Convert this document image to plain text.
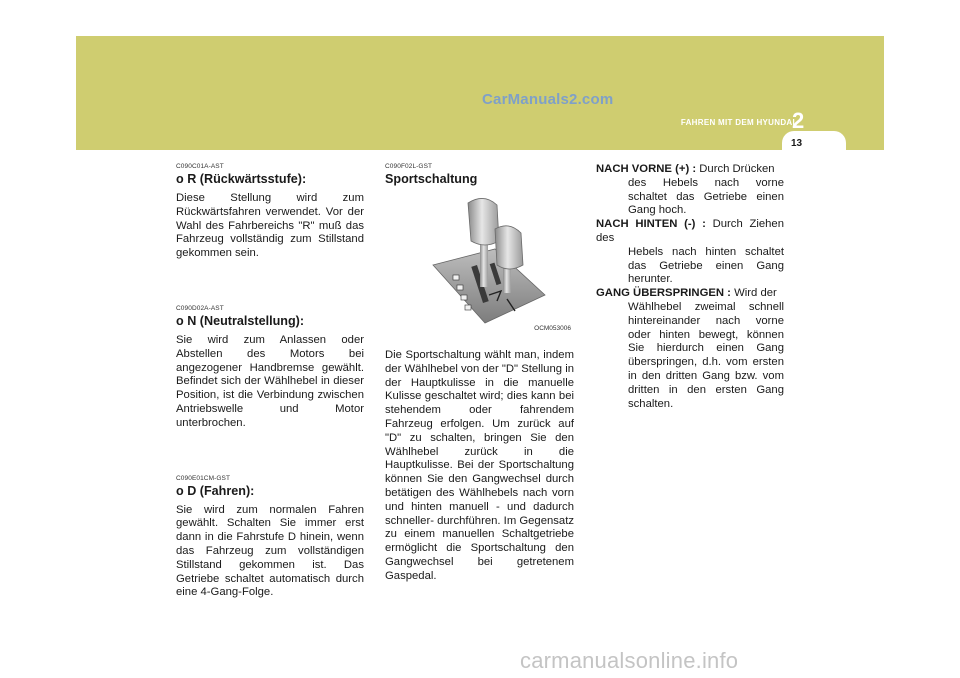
CarManuals2.com
FAHREN MIT DEM HYUNDAI
2
13
C090C01A-AST
o R (Rückwärtsstufe):
Diese Stellung wird zum Rückwärtsfahren verwendet. Vor der Wahl des Fahrbereichs "R" muß das Fahrzeug vollständig zum Stillstand gekommen sein.
C090D02A-AST
o N (Neutralstellung):
Sie wird zum Anlassen oder Abstellen des Motors bei angezogener Handbremse gewählt. Befindet sich der Wählhebel in dieser Position, ist die Verbindung zwischen Antriebswelle und Motor unterbrochen.
C090E01CM-GST
o D (Fahren):
Sie wird zum normalen Fahren gewählt. Schalten Sie immer erst dann in die Fahrstufe D hinein, wenn das Fahrzeug zum vollständigen Stillstand gekommen ist. Das Getriebe schaltet automatisch durch eine 4-Gang-Folge.
C090F02L-GST
Sportschaltung
OCM053006
Die Sportschaltung wählt man, indem der Wählhebel von der "D" Stellung in der Hauptkulisse in die manuelle Kulisse geschaltet wird; dies kann bei stehendem oder fahrendem Fahrzeug erfolgen. Um zurück auf "D" zu schalten, bringen Sie den Wählhebel zurück in die Hauptkulisse. Bei der Sportschaltung können Sie den Gangwechsel durch betätigen des Wählhebels nach vorn und hinten manuell - und dadurch schneller- durchführen. Im Gegensatz zu einem manuellen Schaltgetriebe ermöglicht die Sportschaltung den Gangwechsel bei getretenem Gaspedal.
NACH VORNE (+) : Durch Drücken
des Hebels nach vorne schaltet das Getriebe einen Gang hoch.
NACH HINTEN (-) : Durch Ziehen des
Hebels nach hinten schaltet das Getriebe einen Gang herunter.
GANG ÜBERSPRINGEN : Wird der
Wählhebel zweimal schnell hintereinander nach vorne oder hinten bewegt, können Sie hierdurch einen Gang überspringen, d.h. vom ersten in den dritten Gang bzw. vom dritten in den ersten Gang schalten.
carmanualsonline.info
